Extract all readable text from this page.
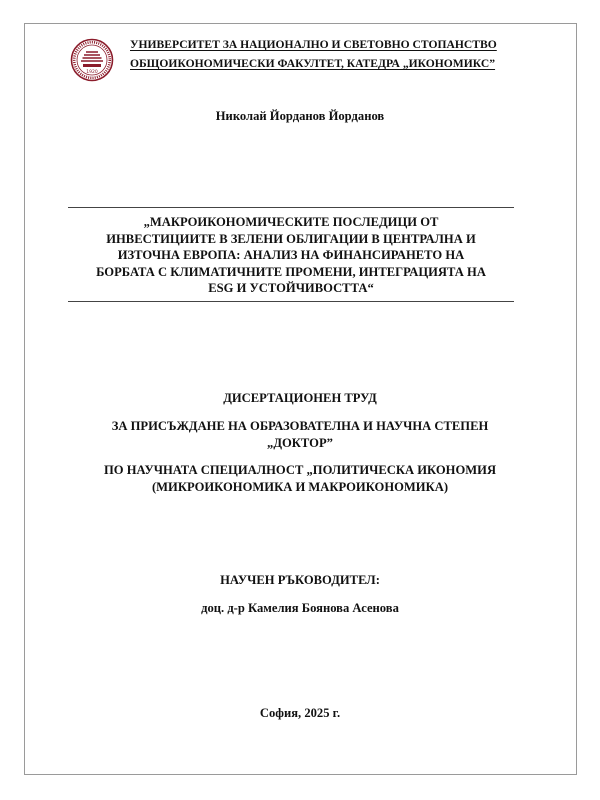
1920
УНИВЕРСИТЕТ ЗА НАЦИОНАЛНО И СВЕТОВНО СТОПАНСТВО
ОБЩОИКОНОМИЧЕСКИ ФАКУЛТЕТ, КАТЕДРА „ИКОНОМИКС”
Николай Йорданов Йорданов
„МАКРОИКОНОМИЧЕСКИТЕ ПОСЛЕДИЦИ ОТ
ИНВЕСТИЦИИТЕ В ЗЕЛЕНИ ОБЛИГАЦИИ В ЦЕНТРАЛНА И
ИЗТОЧНА ЕВРОПА: АНАЛИЗ НА ФИНАНСИРАНЕТО НА
БОРБАТА С КЛИМАТИЧНИТЕ ПРОМЕНИ, ИНТЕГРАЦИЯТА НА
ESG И УСТОЙЧИВОСТТА“
ДИСЕРТАЦИОНЕН ТРУД
ЗА ПРИСЪЖДАНЕ НА ОБРАЗОВАТЕЛНА И НАУЧНА СТЕПЕН
„ДОКТОР”
ПО НАУЧНАТА СПЕЦИАЛНОСТ „ПОЛИТИЧЕСКА ИКОНОМИЯ
(МИКРОИКОНОМИКА И МАКРОИКОНОМИКА)
НАУЧЕН РЪКОВОДИТЕЛ:
доц. д-р Камелия Боянова Асенова
София, 2025 г.
